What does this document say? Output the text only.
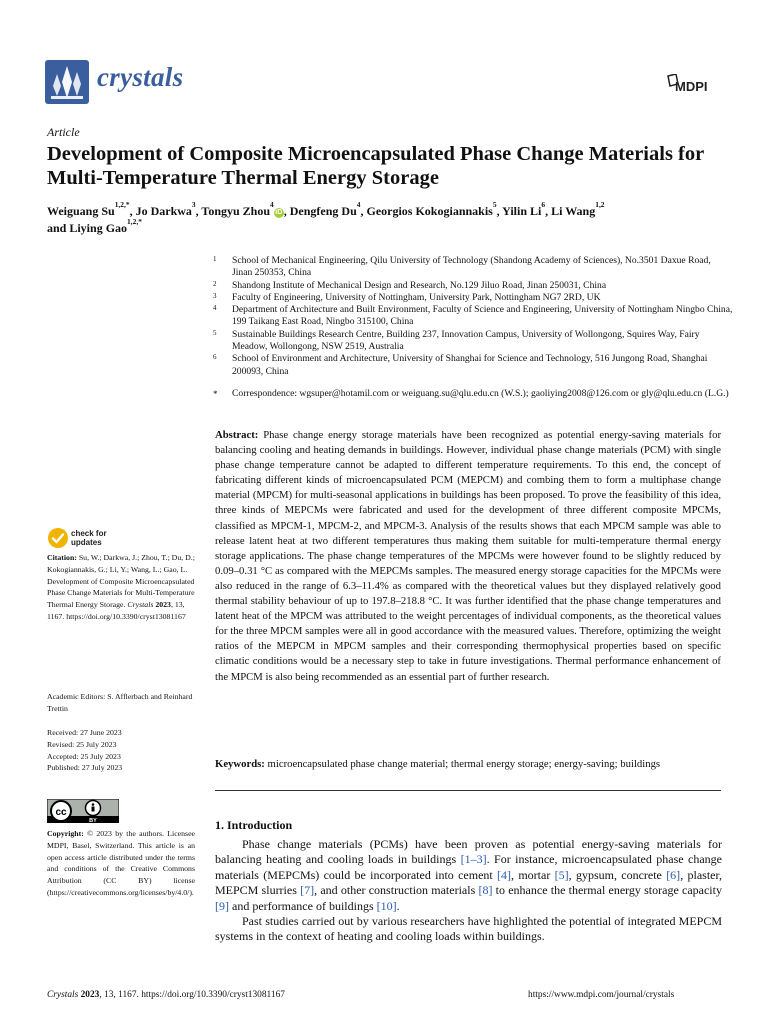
crystals	MDPI
Article
Development of Composite Microencapsulated Phase Change Materials for Multi-Temperature Thermal Energy Storage
Weiguang $Su^{1,2,*}$, Jo Darkwa$^3$, Tongyu Zhou$^4$iD , Dengfeng Du$^4$, Georgios Kokogiannakis$^5$, Yilin Li$^6$, Li Wang$^{1,2}$
and Liying Gao$^{1,2,*}$
1 School of Mechanical Engineering, Qilu University of Technology (Shandong Academy of Sciences), No.3501 Daxue Road, Jinan 250353, China
2 Shandong Institute of Mechanical Design and Research, No.129 Jiluo Road, Jinan 250031, China
3 Faculty of Engineering, University of Nottingham, University Park, Nottingham NG7 2RD, UK
4 Department of Architecture and Built Environment, Faculty of Science and Engineering, University of Nottingham Ningbo China, 199 Taikang East Road, Ningbo 315100, China
5 Sustainable Buildings Research Centre, Building 237, Innovation Campus, University of Wollongong, Squires Way, Fairy Meadow, Wollongong, NSW 2519, Australia
6 School of Environment and Architecture, University of Shanghai for Science and Technology, 516 Jungong Road, Shanghai 200093, China
* Correspondence: wgsuper@hotamil.com or weiguang.su@qlu.edu.cn (W.S.); gaoliying2008@126.com or gly@qlu.edu.cn (L.G.)
Abstract: Phase change energy storage materials have been recognized as potential energy-saving materials for balancing cooling and heating demands in buildings. However, individual phase change materials (PCM) with single phase change temperature cannot be adapted to different temperature requirements. To this end, the concept of fabricating different kinds of microencapsulated PCM (MEPCM) and combing them to form a multiphase change material (MPCM) for multi-seasonal applications in buildings has been proposed. To prove the feasibility of this idea, three kinds of MEPCMs were fabricated and used for the development of three different composite MPCMs, classified as MPCM-1, MPCM-2, and MPCM-3. Analysis of the results shows that each MPCM sample was able to release latent heat at two different temperatures thus making them suitable for multi-temperature thermal energy storage applications. The phase change temperatures of the MPCMs were however found to be slightly reduced by 0.09–0.31 °C as compared with the MEPCMs samples. The measured energy storage capacities for the MPCMs were also reduced in the range of 6.3–11.4% as compared with the theoretical values but they displayed relatively good thermal stability behaviour of up to 197.8–218.8 °C. It was further identified that the phase change temperatures and latent heat of the MPCM was attributed to the weight percentages of individual components, as the theoretical values for the three MPCM samples were all in good accordance with the measured values. Therefore, optimizing the weight ratios of the MEPCM in MPCM samples and their corresponding thermophysical properties based on specific climatic conditions would be a necessary step to take in future investigations. Thermal performance enhancement of the MPCM is also being recommended as an essential part of further research.
Keywords: microencapsulated phase change material; thermal energy storage; energy-saving; buildings
check for
updates
Citation: Su, W.; Darkwa, J.; Zhou, T.; Du, D.; Kokogiannakis, G.; Li, Y.; Wang, L.; Gao, L. Development of Composite Microencapsulated Phase Change Materials for Multi-Temperature Thermal Energy Storage. Crystals 2023, 13, 1167. https://doi.org/10.3390/cryst13081167
Academic Editors: S. Afflerbach and Reinhard Trettin
Received: 27 June 2023
Revised: 25 July 2023
Accepted: 25 July 2023
Published: 27 July 2023
cc
BY
Copyright: © 2023 by the authors. Licensee MDPI, Basel, Switzerland. This article is an open access article distributed under the terms and conditions of the Creative Commons Attribution (CC BY) license (https://creativecommons.org/licenses/by/4.0/).
1. Introduction

Phase change materials (PCMs) have been proven as potential energy-saving materials for balancing heating and cooling loads in buildings [1–3]. For instance, microencapsulated phase change materials (MEPCMs) could be incorporated into cement [4], mortar [5], gypsum, concrete [6], plaster, MEPCM slurries [7], and other construction materials [8] to enhance the thermal energy storage capacity [9] and performance of buildings [10].

Past studies carried out by various researchers have highlighted the potential of integrated MEPCM systems in the context of heating and cooling loads within buildings.

Crystals 2023, 13, 1167. https://doi.org/10.3390/cryst13081167	https://www.mdpi.com/journal/crystals
